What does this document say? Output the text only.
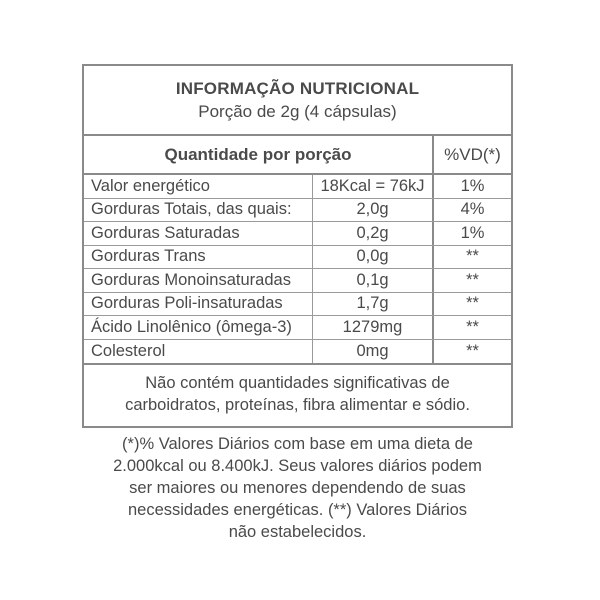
INFORMAÇÃO NUTRICIONAL
Porção de 2g (4 cápsulas)
Quantidade por porção	%VD(*)
Valor energético	18Kcal = 76kJ	1%
Gorduras Totais, das quais:	2,0g	4%
Gorduras Saturadas	0,2g	1%
Gorduras Trans	0,0g	**
Gorduras Monoinsaturadas	0,1g	**
Gorduras Poli-insaturadas	1,7g	**
Ácido Linolênico (ômega-3)	1279mg	**
Colesterol	0mg	**
Não contém quantidades significativas de
carboidratos, proteínas, fibra alimentar e sódio.
(*)% Valores Diários com base em uma dieta de
2.000kcal ou 8.400kJ. Seus valores diários podem
ser maiores ou menores dependendo de suas
necessidades energéticas. (**) Valores Diários
não estabelecidos.
